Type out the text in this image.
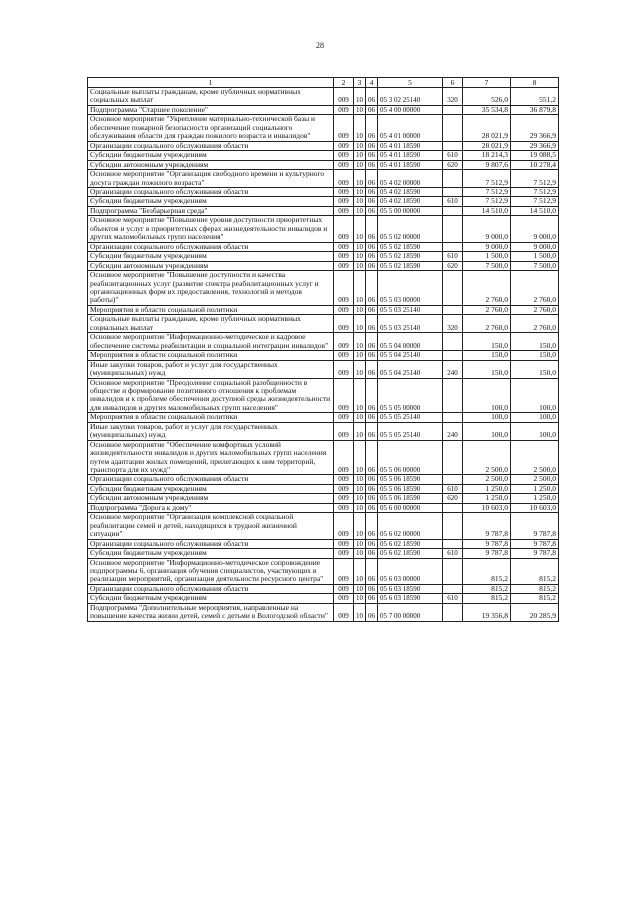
28
1	2	3	4	5	6	7	8
Социальные выплаты гражданам, кроме публичных нормативных социальных выплат	009	10	06	05 3 02 25140	320	526,0	551,2
Подпрограмма "Старшее поколение"	009	10	06	05 4 00 00000		35 534,8	36 879,8
Основное мероприятие "Укрепление материально-технической базы и обеспечение пожарной безопасности организаций социального обслуживания области для граждан пожилого возраста и инвалидов"	009	10	06	05 4 01 00000		28 021,9	29 366,9
Организации социального обслуживания области	009	10	06	05 4 01 18590		28 021,9	29 366,9
Субсидии бюджетным учреждениям	009	10	06	05 4 01 18590	610	18 214,3	19 088,5
Субсидии автономным учреждениям	009	10	06	05 4 01 18590	620	9 807,6	10 278,4
Основное мероприятие "Организация свободного времени и культурного досуга граждан пожилого возраста"	009	10	06	05 4 02 00000		7 512,9	7 512,9
Организации социального обслуживания области	009	10	06	05 4 02 18590		7 512,9	7 512,9
Субсидии бюджетным учреждениям	009	10	06	05 4 02 18590	610	7 512,9	7 512,9
Подпрограмма "Безбарьерная среда"	009	10	06	05 5 00 00000		14 510,0	14 510,0
Основное мероприятие "Повышение уровня доступности приоритетных объектов и услуг в приоритетных сферах жизнедеятельности инвалидов и других маломобильных групп населения"	009	10	06	05 5 02 00000		9 000,0	9 000,0
Организации социального обслуживания области	009	10	06	05 5 02 18590		9 000,0	9 000,0
Субсидии бюджетным учреждениям	009	10	06	05 5 02 18590	610	1 500,0	1 500,0
Субсидии автономным учреждениям	009	10	06	05 5 02 18590	620	7 500,0	7 500,0
Основное мероприятие "Повышение доступности и качества реабилитационных услуг (развитие спектра реабилитационных услуг и организационных форм их предоставления, технологий и методов работы)"	009	10	06	05 5 03 00000		2 760,0	2 760,0
Мероприятия в области социальной политики	009	10	06	05 5 03 25140		2 760,0	2 760,0
Социальные выплаты гражданам, кроме публичных нормативных социальных выплат	009	10	06	05 5 03 25140	320	2 760,0	2 760,0
Основное мероприятие "Информационно-методическое и кадровое обеспечение системы реабилитации и социальной интеграции инвалидов"	009	10	06	05 5 04 00000		150,0	150,0
Мероприятия в области социальной политики	009	10	06	05 5 04 25140		150,0	150,0
Иные закупки товаров, работ и услуг для государственных (муниципальных) нужд	009	10	06	05 5 04 25140	240	150,0	150,0
Основное мероприятие "Преодоление социальной разобщенности в обществе и формирование позитивного отношения к проблемам инвалидов и к проблеме обеспечения доступной среды жизнедеятельности для инвалидов и других маломобильных групп населения"	009	10	06	05 5 05 00000		100,0	100,0
Мероприятия в области социальной политики	009	10	06	05 5 05 25140		100,0	100,0
Иные закупки товаров, работ и услуг для государственных (муниципальных) нужд	009	10	06	05 5 05 25140	240	100,0	100,0
Основное мероприятие "Обеспечение комфортных условий жизнедеятельности инвалидов и других маломобильных групп населения путем адаптации жилых помещений, прилегающих к ним территорий, транспорта для их нужд"	009	10	06	05 5 06 00000		2 500,0	2 500,0
Организации социального обслуживания области	009	10	06	05 5 06 18590		2 500,0	2 500,0
Субсидии бюджетным учреждениям	009	10	06	05 5 06 18590	610	1 250,0	1 250,0
Субсидии автономным учреждениям	009	10	06	05 5 06 18590	620	1 250,0	1 250,0
Подпрограмма "Дорога к дому"	009	10	06	05 6 00 00000		10 603,0	10 603,0
Основное мероприятие "Организация комплексной социальной реабилитации семей и детей, находящихся в трудной жизненной ситуации"	009	10	06	05 6 02 00000		9 787,8	9 787,8
Организации социального обслуживания области	009	10	06	05 6 02 18590		9 787,8	9 787,8
Субсидии бюджетным учреждениям	009	10	06	05 6 02 18590	610	9 787,8	9 787,8
Основное мероприятие "Информационно-методическое сопровождение подпрограммы 6, организация обучения специалистов, участвующих в реализации мероприятий, организация деятельности ресурсного центра"	009	10	06	05 6 03 00000		815,2	815,2
Организации социального обслуживания области	009	10	06	05 6 03 18590		815,2	815,2
Субсидии бюджетным учреждениям	009	10	06	05 6 03 18590	610	815,2	815,2
Подпрограмма "Дополнительные мероприятия, направленные на повышение качества жизни детей, семей с детьми в Вологодской области"	009	10	06	05 7 00 00000		19 356,8	20 285,9
